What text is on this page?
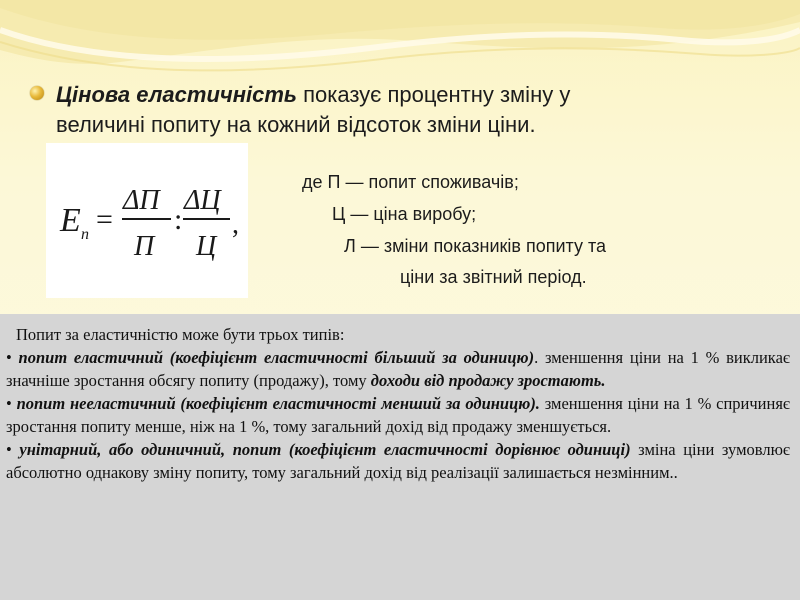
Цінова еластичність показує процентну зміну у
величині попиту на кожний відсоток зміни ціни.
E п =
ΔП
П
:
ΔЦ
Ц
,
де П — попит споживачів;
Ц — ціна виробу;
Л — зміни показників попиту та
ціни за звітний період.

Попит за еластичністю може бути трьох типів:

• попит еластичний (коефіцієнт еластичності більший за одиницю). зменшення ціни на 1 % викликає значніше зростання обсягу попиту (продажу), тому доходи від продажу зростають.

• попит нееластичний (коефіцієнт еластичності менший за одиницю). зменшення ціни на 1 % спричиняє зростання попиту менше, ніж на 1 %, тому загальний дохід від продажу зменшується.

• унітарний, або одиничний, попит (коефіцієнт еластичності дорівнює одиниці) зміна ціни зумовлює абсолютно однакову зміну попиту, тому загальний дохід від реалізації залишається незмінним..
